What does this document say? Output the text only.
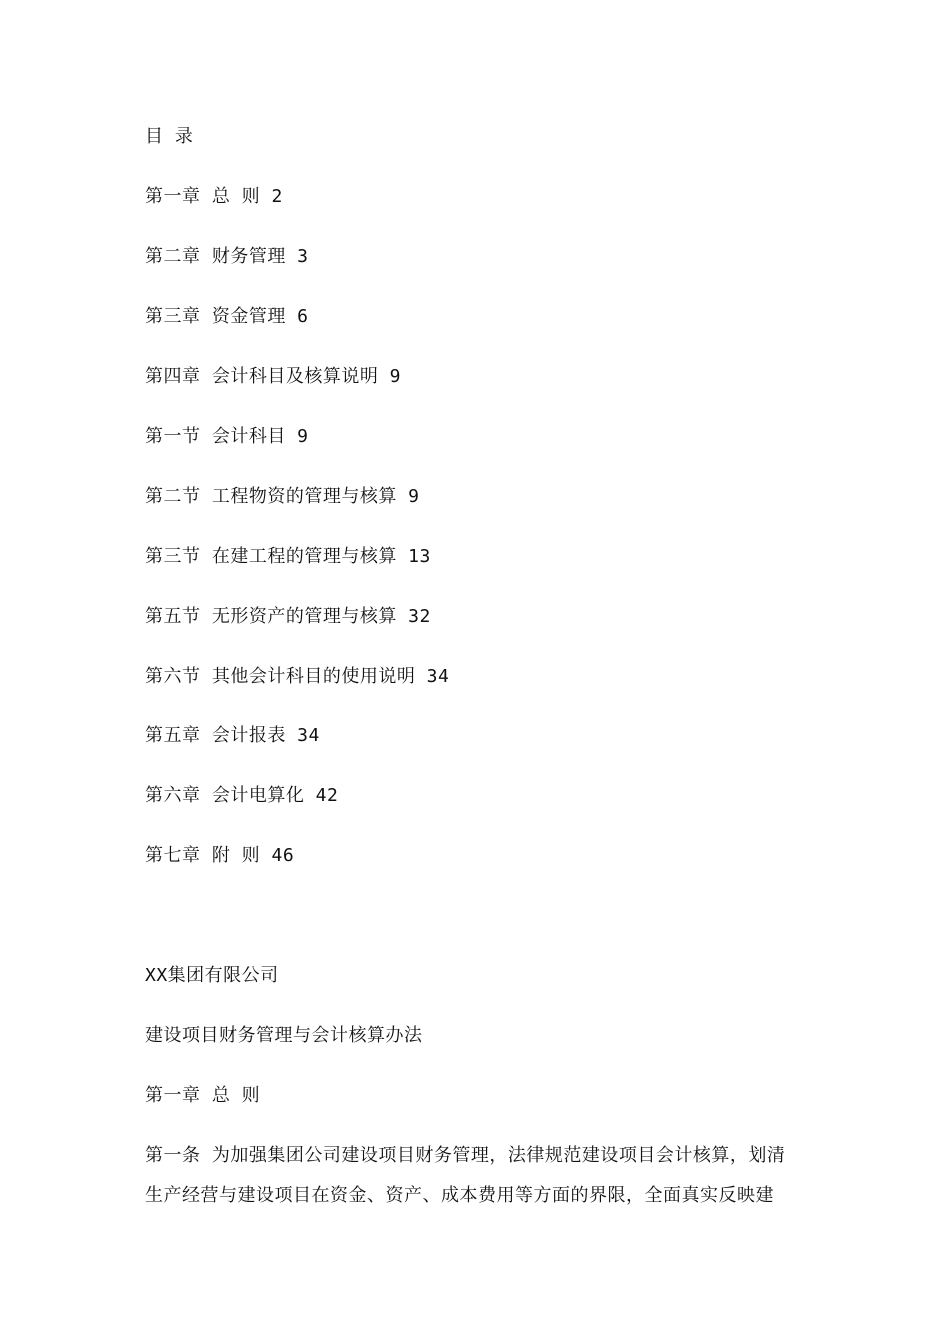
目 录
第一章 总 则 2
第二章 财务管理 3
第三章 资金管理 6
第四章 会计科目及核算说明 9
第一节 会计科目 9
第二节 工程物资的管理与核算 9
第三节 在建工程的管理与核算 13
第五节 无形资产的管理与核算 32
第六节 其他会计科目的使用说明 34
第五章 会计报表 34
第六章 会计电算化 42
第七章 附 则 46
XX集团有限公司
建设项目财务管理与会计核算办法
第一章 总 则
第一条 为加强集团公司建设项目财务管理，法律规范建设项目会计核算，划清
生产经营与建设项目在资金、资产、成本费用等方面的界限，全面真实反映建
